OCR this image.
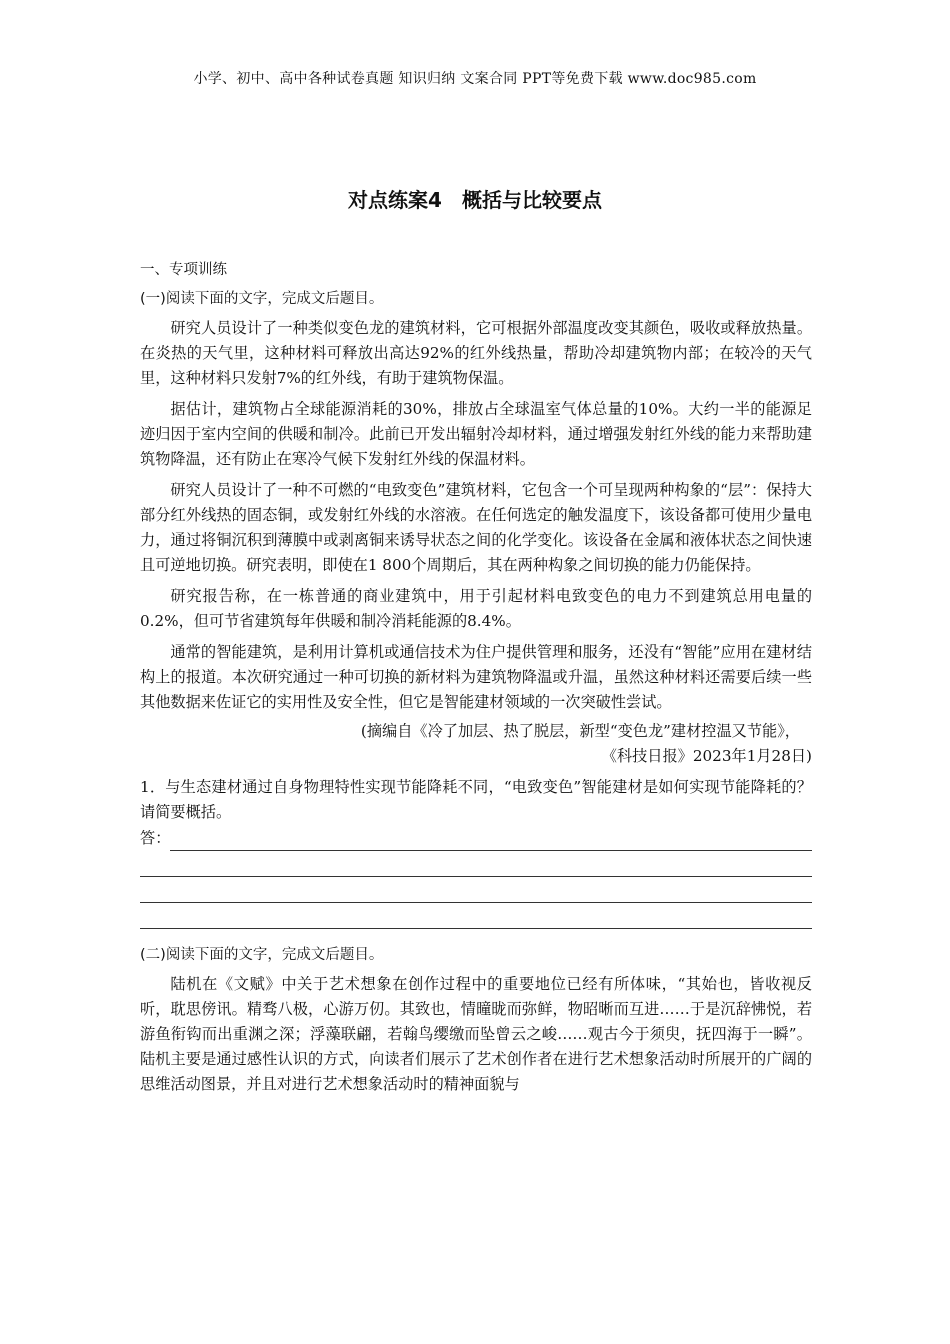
小学、初中、高中各种试卷真题 知识归纳 文案合同 PPT等免费下载 www.doc985.com
对点练案4　概括与比较要点
一、专项训练
(一)阅读下面的文字，完成文后题目。

研究人员设计了一种类似变色龙的建筑材料，它可根据外部温度改变其颜色，吸收或释放热量。在炎热的天气里，这种材料可释放出高达92%的红外线热量，帮助冷却建筑物内部；在较冷的天气里，这种材料只发射7%的红外线，有助于建筑物保温。

据估计，建筑物占全球能源消耗的30%，排放占全球温室气体总量的10%。大约一半的能源足迹归因于室内空间的供暖和制冷。此前已开发出辐射冷却材料，通过增强发射红外线的能力来帮助建筑物降温，还有防止在寒冷气候下发射红外线的保温材料。

研究人员设计了一种不可燃的“电致变色”建筑材料，它包含一个可呈现两种构象的“层”：保持大部分红外线热的固态铜，或发射红外线的水溶液。在任何选定的触发温度下，该设备都可使用少量电力，通过将铜沉积到薄膜中或剥离铜来诱导状态之间的化学变化。该设备在金属和液体状态之间快速且可逆地切换。研究表明，即使在1 800个周期后，其在两种构象之间切换的能力仍能保持。

研究报告称，在一栋普通的商业建筑中，用于引起材料电致变色的电力不到建筑总用电量的0.2%，但可节省建筑每年供暖和制冷消耗能源的8.4%。

通常的智能建筑，是利用计算机或通信技术为住户提供管理和服务，还没有“智能”应用在建材结构上的报道。本次研究通过一种可切换的新材料为建筑物降温或升温，虽然这种材料还需要后续一些其他数据来佐证它的实用性及安全性，但它是智能建材领域的一次突破性尝试。

(摘编自《冷了加层、热了脱层，新型“变色龙”建材控温又节能》，
《科技日报》2023年1月28日)
1．与生态建材通过自身物理特性实现节能降耗不同，“电致变色”智能建材是如何实现节能降耗的？请简要概括。
答：
(二)阅读下面的文字，完成文后题目。

陆机在《文赋》中关于艺术想象在创作过程中的重要地位已经有所体味，“其始也，皆收视反听，耽思傍讯。精骛八极，心游万仞。其致也，情曈昽而弥鲜，物昭晰而互进……于是沉辞怫悦，若游鱼衔钩而出重渊之深；浮藻联翩，若翰鸟缨缴而坠曾云之峻……观古今于须臾，抚四海于一瞬”。陆机主要是通过感性认识的方式，向读者们展示了艺术创作者在进行艺术想象活动时所展开的广阔的思维活动图景，并且对进行艺术想象活动时的精神面貌与
